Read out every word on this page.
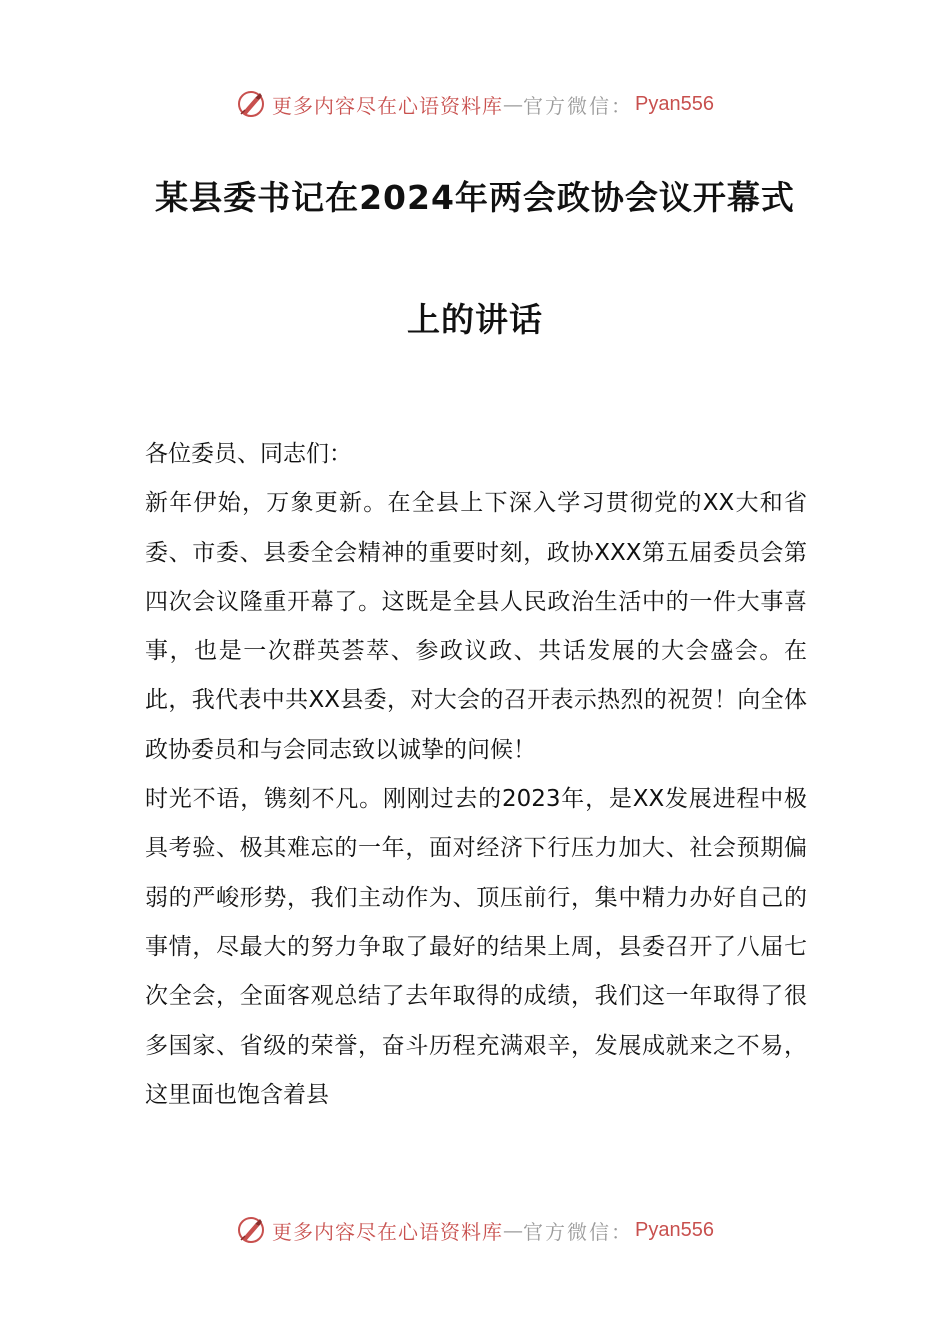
更多内容尽在心语资料库 — 官方微信： Pyan556
某县委书记在2024年两会政协会议开幕式
上的讲话

各位委员、同志们：

新年伊始，万象更新。在全县上下深入学习贯彻党的XX大和省委、市委、县委全会精神的重要时刻，政协XXX第五届委员会第四次会议隆重开幕了。这既是全县人民政治生活中的一件大事喜事，也是一次群英荟萃、参政议政、共话发展的大会盛会。在此，我代表中共XX县委，对大会的召开表示热烈的祝贺！向全体政协委员和与会同志致以诚挚的问候！

时光不语，镌刻不凡。刚刚过去的2023年，是XX发展进程中极具考验、极其难忘的一年，面对经济下行压力加大、社会预期偏弱的严峻形势，我们主动作为、顶压前行，集中精力办好自己的事情，尽最大的努力争取了最好的结果上周，县委召开了八届七次全会，全面客观总结了去年取得的成绩，我们这一年取得了很多国家、省级的荣誉，奋斗历程充满艰辛，发展成就来之不易，这里面也饱含着县

更多内容尽在心语资料库 — 官方微信： Pyan556
